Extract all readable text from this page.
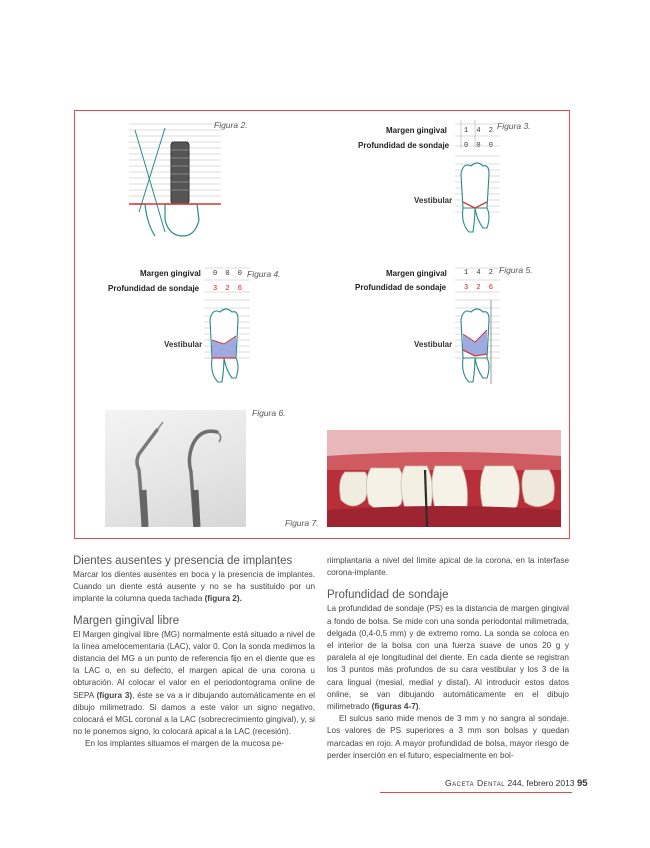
Figura 2.
Margen gingival 1 4 2
Profundidad de sondaje 0 0 0
Figura 3.
Vestibular
Margen gingival 0 0 0
Profundidad de sondaje 3 2 6
Figura 4.
Vestibular
Margen gingival 1 4 2
Profundidad de sondaje	3 2 6
Figura 5.
Vestibular
Figura 6.
Figura 7.
Dientes ausentes y presencia de implantes

Marcar los dientes ausentes en boca y la presencia de implantes. Cuando un diente está ausente y no se ha sustituido por un implante la columna queda tachada (figura 2).

Margen gingival libre

El Margen gingival libre (MG) normalmente está situado a nivel de la línea amelocementaria (LAC), valor 0. Con la sonda medimos la distancia del MG a un punto de referencia fijo en el diente que es la LAC o, en su defecto, el margen apical de una corona u obturación. Al colocar el valor en el periodontograma online de SEPA (figura 3), éste se va a ir dibujando automáticamente en el dibujo milimetrado. Si damos a este valor un signo negativo, colocará el MGL coronal a la LAC (sobrecrecimiento gingival), y, si no le ponemos signo, lo colocará apical a la LAC (recesión).

En los implantes situamos el margen de la mucosa pe-

riimplantaria a nivel del límite apical de la corona, en la interfase corona-implante.

Profundidad de sondaje

La profundidad de sondaje (PS) es la distancia de margen gingival a fondo de bolsa. Se mide con una sonda periodontal milimetrada, delgada (0,4-0,5 mm) y de extremo romo. La sonda se coloca en el interior de la bolsa con una fuerza suave de unos 20 g y paralela al eje longitudinal del diente. En cada diente se registran los 3 puntos más profundos de su cara vestibular y los 3 de la cara lingual (mesial, medial y distal). Al introducir estos datos online, se van dibujando automáticamente en el dibujo milimetrado (figuras 4-7).

El sulcus sano mide menos de 3 mm y no sangra al sondaje. Los valores de PS superiores a 3 mm son bolsas y quedan marcadas en rojo. A mayor profundidad de bolsa, mayor riesgo de perder inserción en el futuro, especialmente en bol-

Gaceta Dental 244, febrero 2013 95
